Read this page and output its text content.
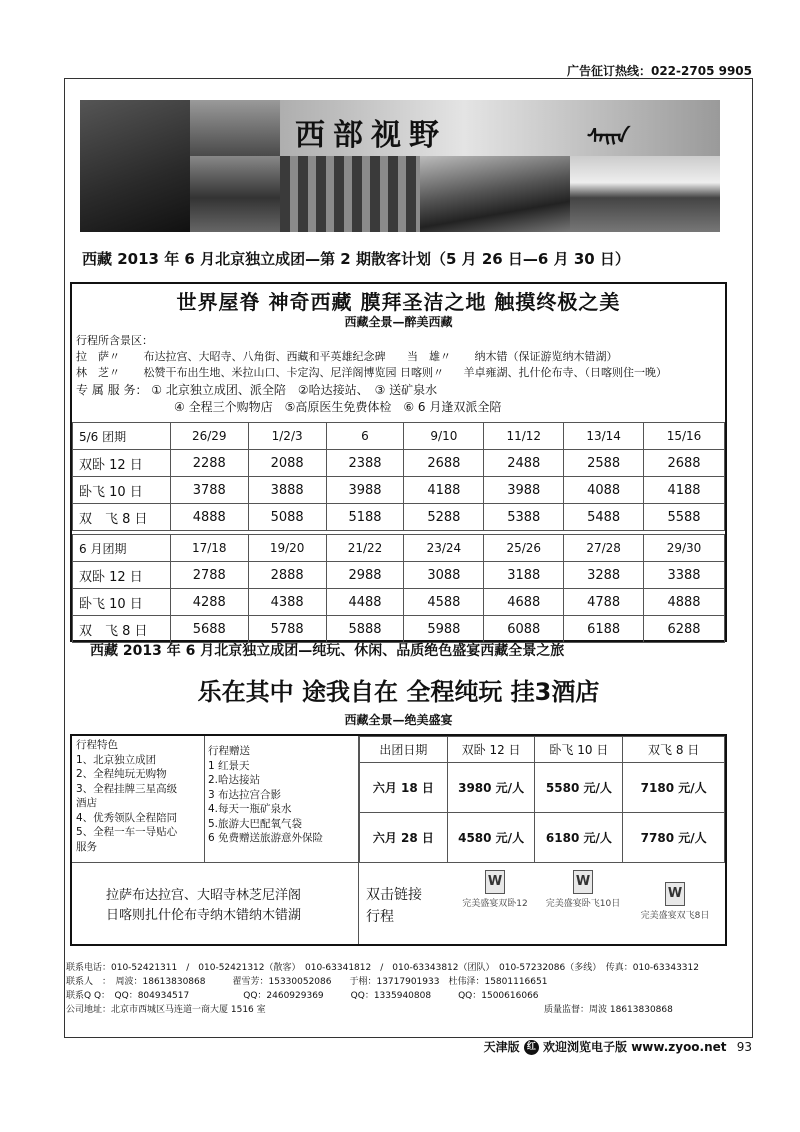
广告征订热线：022-2705 9905
西部视野	ᠰᠠᠢᠨ
西藏 2013 年 6 月北京独立成团—第 2 期散客计划（5 月 26 日—6 月 30 日）
世界屋脊 神奇西藏 膜拜圣洁之地 触摸终极之美
西藏全景—醉美西藏
行程所含景区：
拉　萨〃 布达拉宫、大昭寺、八角街、西藏和平英雄纪念碑 当　雄〃 纳木错（保证游览纳木错湖）
林　芝〃 松赞干布出生地、米拉山口、卡定沟、尼洋阁博览园 日喀则〃 羊卓雍湖、扎什伦布寺、（日喀则住一晚）
专 属 服 务： ① 北京独立成团、派全陪　②哈达接站、　③ 送矿泉水
④ 全程三个购物店　⑤高原医生免费体检　⑥ 6 月逢双派全陪
5/6 团期	26/29	1/2/3	6	9/10	11/12	13/14	15/16
双卧 12 日	2288	2088	2388	2688	2488	2588	2688
卧飞 10 日	3788	3888	3988	4188	3988	4088	4188
双　飞 8 日	4888	5088	5188	5288	5388	5488	5588
6 月团期	17/18	19/20	21/22	23/24	25/26	27/28	29/30
双卧 12 日	2788	2888	2988	3088	3188	3288	3388
卧飞 10 日	4288	4388	4488	4588	4688	4788	4888
双　飞 8 日	5688	5788	5888	5988	6088	6188	6288
西藏 2013 年 6 月北京独立成团—纯玩、休闲、品质绝色盛宴西藏全景之旅
乐在其中 途我自在 全程纯玩 挂3酒店
西藏全景—绝美盛宴
行程特色
1、北京独立成团
2、全程纯玩无购物
3、全程挂牌三星高级
酒店
4、优秀领队全程陪同
5、全程一车一导贴心
服务
行程赠送
1 红景天
2.哈达接站
3 布达拉宫合影
4.每天一瓶矿泉水
5.旅游大巴配氧气袋
6 免费赠送旅游意外保险
出团日期	双卧 12 日	卧飞 10 日	双飞 8 日
六月 18 日	3980 元/人	5580 元/人	7180 元/人
六月 28 日	4580 元/人	6180 元/人	7780 元/人
拉萨布达拉宫、大昭寺林芝尼洋阁
日喀则扎什伦布寺纳木错纳木错湖
双击链接
行程
W
完美盛宴双卧12
W
完美盛宴卧飞10日
W
完美盛宴双飞8日
联系电话：010-52421311　/　010-52421312（散客）　010-63341812　/　010-63343812（团队）　010-57232086（多线）　传真：010-63343312
联系人　：　周波：18613830868　　　翟雪芳：15330052086　　于栩：13717901933　杜伟泽：15801116651
联系Q Q：　QQ：804934517　　　　　　QQ：2460929369　　　QQ：1335940808　　　QQ：1500616066
公司地址：北京市西城区马连道一商大厦 1516 室	质量监督：周波 18613830868
天津版 红 欢迎浏览电子版 www.zyoo.net 93
